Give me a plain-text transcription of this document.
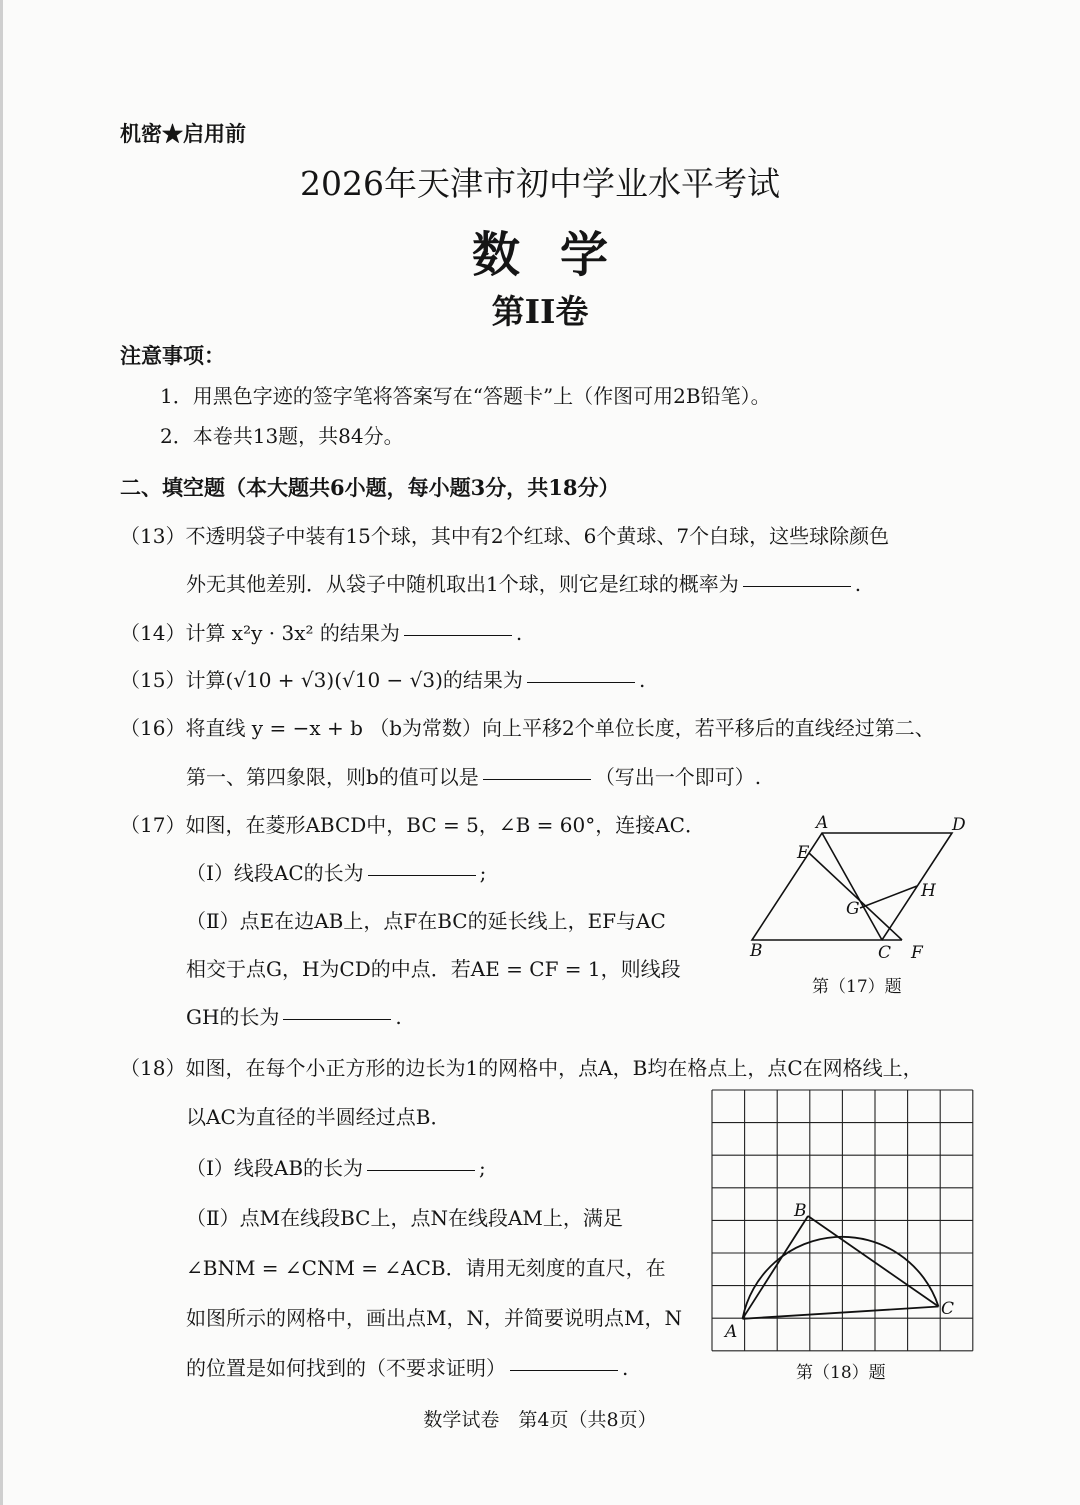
机密★启用前
2026年天津市初中学业水平考试
数学
第II卷
注意事项：
1．用黑色字迹的签字笔将答案写在“答题卡”上（作图可用2B铅笔）。
2．本卷共13题，共84分。
二、填空题（本大题共6小题，每小题3分，共18分）
（13）不透明袋子中装有15个球，其中有2个红球、6个黄球、7个白球，这些球除颜色
外无其他差别．从袋子中随机取出1个球，则它是红球的概率为	.
（14）计算 x²y · 3x² 的结果为	.
（15）计算(√10 + √3)(√10 − √3)的结果为	.
（16）将直线 y = −x + b （b为常数）向上平移2个单位长度，若平移后的直线经过第二、
第一、第四象限，则b的值可以是	（写出一个即可）.
（17）如图，在菱形ABCD中，BC = 5，∠B = 60°，连接AC．
（Ⅰ）线段AC的长为	;
（Ⅱ）点E在边AB上，点F在BC的延长线上，EF与AC
相交于点G，H为CD的中点．若AE = CF = 1，则线段
GH的长为	.
A	D
E
H
G
B	C F
第（17）题
（18）如图，在每个小正方形的边长为1的网格中，点A，B均在格点上，点C在网格线上，
以AC为直径的半圆经过点B．
（Ⅰ）线段AB的长为	;
（Ⅱ）点M在线段BC上，点N在线段AM上，满足
∠BNM = ∠CNM = ∠ACB．请用无刻度的直尺，在
如图所示的网格中，画出点M，N，并简要说明点M，N
的位置是如何找到的（不要求证明）	.
B
C
A
第（18）题
数学试卷　第4页（共8页）
